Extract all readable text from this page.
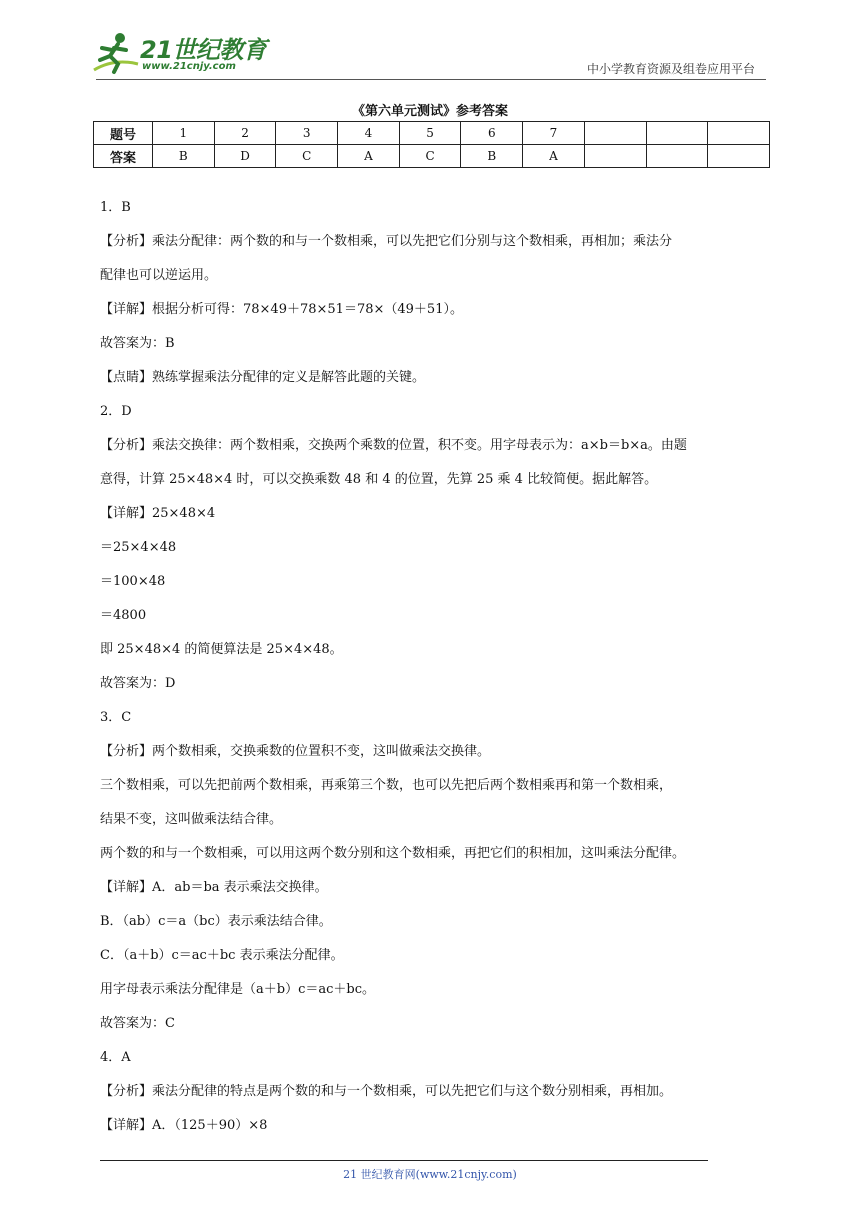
21世纪教育
www.21cnjy.com	中小学教育资源及组卷应用平台
《第六单元测试》参考答案
题号	1	2	3	4	5	6	7			
答案	B	D	C	A	C	B	A			
1．B
【分析】乘法分配律：两个数的和与一个数相乘，可以先把它们分别与这个数相乘，再相加；乘法分
配律也可以逆运用。
【详解】根据分析可得：78×49＋78×51＝78×（49＋51）。
故答案为：B
【点睛】熟练掌握乘法分配律的定义是解答此题的关键。
2．D
【分析】乘法交换律：两个数相乘，交换两个乘数的位置，积不变。用字母表示为：a×b＝b×a。由题
意得，计算 25×48×4 时，可以交换乘数 48 和 4 的位置，先算 25 乘 4 比较简便。据此解答。
【详解】25×48×4
＝25×4×48
＝100×48
＝4800
即 25×48×4 的简便算法是 25×4×48。
故答案为：D
3．C
【分析】两个数相乘，交换乘数的位置积不变，这叫做乘法交换律。
三个数相乘，可以先把前两个数相乘，再乘第三个数，也可以先把后两个数相乘再和第一个数相乘，
结果不变，这叫做乘法结合律。
两个数的和与一个数相乘，可以用这两个数分别和这个数相乘，再把它们的积相加，这叫乘法分配律。
【详解】A．ab＝ba 表示乘法交换律。
B．（ab）c＝a（bc）表示乘法结合律。
C．（a＋b）c＝ac＋bc 表示乘法分配律。
用字母表示乘法分配律是（a＋b）c＝ac＋bc。
故答案为：C
4．A
【分析】乘法分配律的特点是两个数的和与一个数相乘，可以先把它们与这个数分别相乘，再相加。
【详解】A．（125＋90）×8
21 世纪教育网(www.21cnjy.com)
